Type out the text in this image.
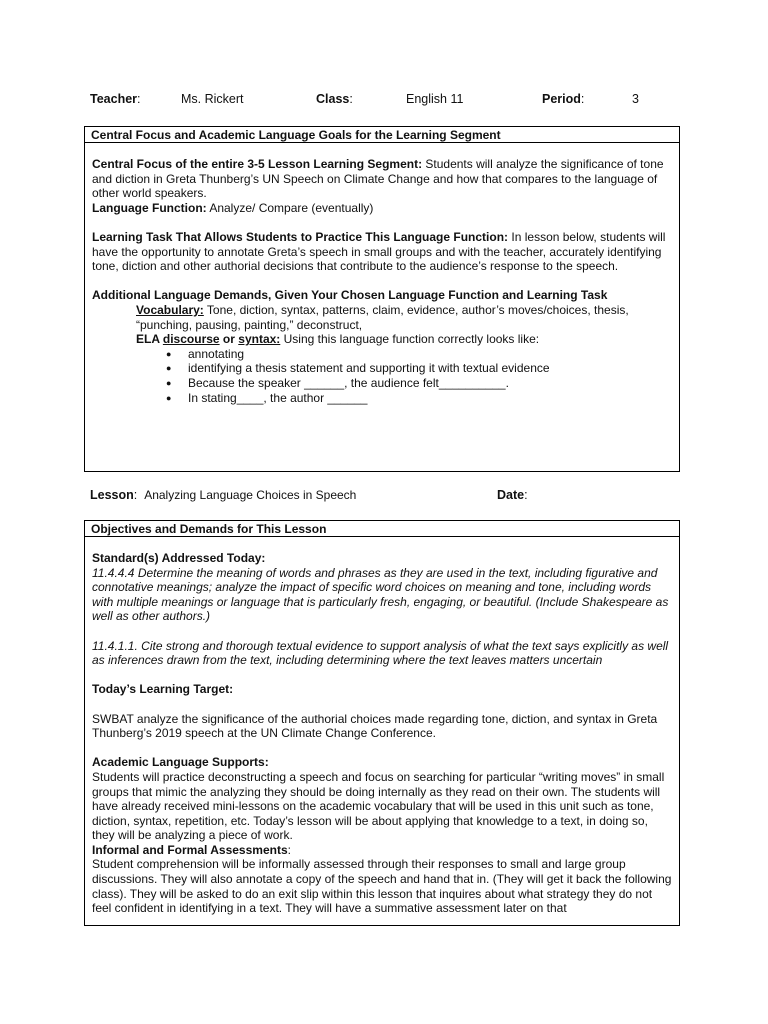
Teacher:	Ms. Rickert	Class:	English 11	Period:	3
Central Focus and Academic Language Goals for the Learning Segment

Central Focus of the entire 3-5 Lesson Learning Segment: Students will analyze the significance of tone and diction in Greta Thunberg’s UN Speech on Climate Change and how that compares to the language of other world speakers.

Language Function: Analyze/ Compare (eventually)

Learning Task That Allows Students to Practice This Language Function: In lesson below, students will have the opportunity to annotate Greta’s speech in small groups and with the teacher, accurately identifying tone, diction and other authorial decisions that contribute to the audience’s response to the speech.

Additional Language Demands, Given Your Chosen Language Function and Learning Task

Vocabulary: Tone, diction, syntax, patterns, claim, evidence, author’s moves/choices, thesis, “punching, pausing, painting,” deconstruct,

ELA discourse or syntax: Using this language function correctly looks like:

● annotating
● identifying a thesis statement and supporting it with textual evidence
● Because the speaker ______, the audience felt__________.
● In stating____, the author ______
Lesson: Analyzing Language Choices in Speech	Date:
Objectives and Demands for This Lesson

Standard(s) Addressed Today:

11.4.4.4 Determine the meaning of words and phrases as they are used in the text, including figurative and connotative meanings; analyze the impact of specific word choices on meaning and tone, including words with multiple meanings or language that is particularly fresh, engaging, or beautiful. (Include Shakespeare as well as other authors.)

11.4.1.1. Cite strong and thorough textual evidence to support analysis of what the text says explicitly as well as inferences drawn from the text, including determining where the text leaves matters uncertain

Today’s Learning Target:

SWBAT analyze the significance of the authorial choices made regarding tone, diction, and syntax in Greta Thunberg’s 2019 speech at the UN Climate Change Conference.

Academic Language Supports:

Students will practice deconstructing a speech and focus on searching for particular “writing moves” in small groups that mimic the analyzing they should be doing internally as they read on their own. The students will have already received mini-lessons on the academic vocabulary that will be used in this unit such as tone, diction, syntax, repetition, etc. Today’s lesson will be about applying that knowledge to a text, in doing so, they will be analyzing a piece of work.

Informal and Formal Assessments:

Student comprehension will be informally assessed through their responses to small and large group discussions. They will also annotate a copy of the speech and hand that in. (They will get it back the following class). They will be asked to do an exit slip within this lesson that inquires about what strategy they do not feel confident in identifying in a text. They will have a summative assessment later on that
